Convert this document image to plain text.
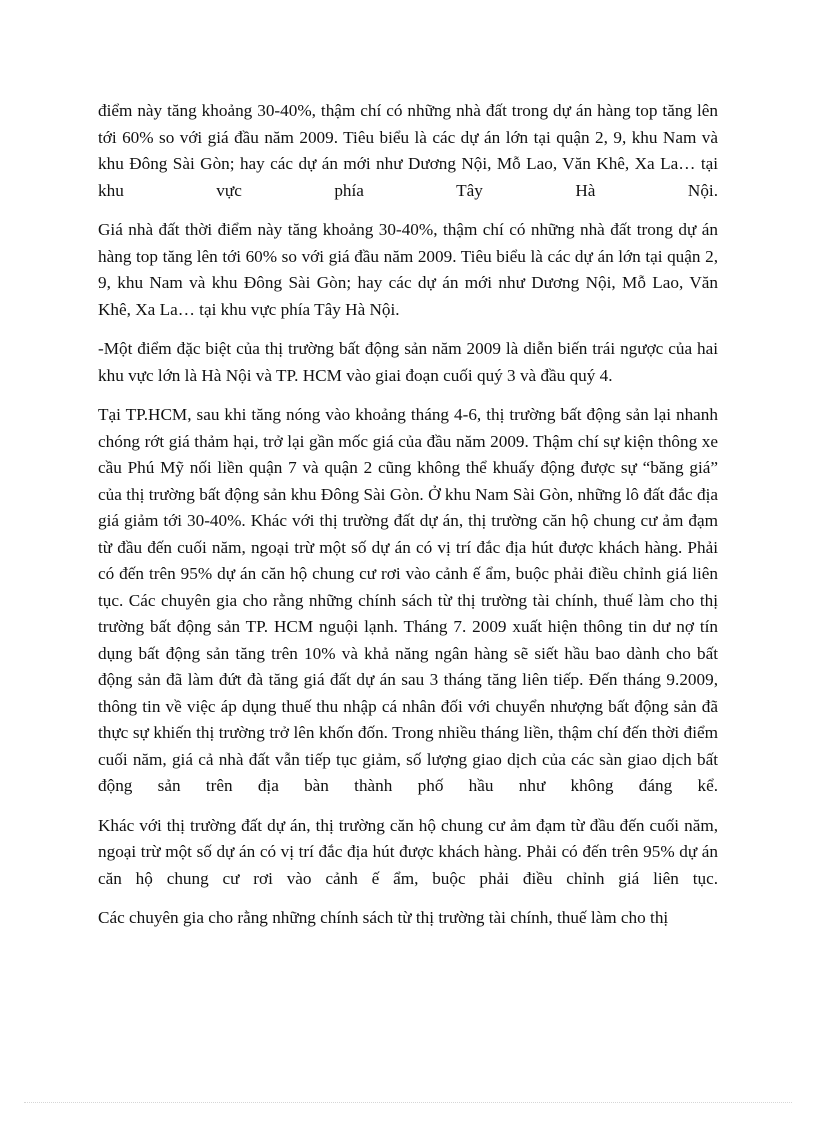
điểm này tăng khoảng 30-40%, thậm chí có những nhà đất trong dự án hàng top tăng lên tới 60% so với giá đầu năm 2009. Tiêu biểu là các dự án lớn tại quận 2, 9, khu Nam và khu Đông Sài Gòn; hay các dự án mới như Dương Nội, Mỗ Lao, Văn Khê, Xa La… tại khu vực phía Tây Hà Nội.

Giá nhà đất thời điểm này tăng khoảng 30-40%, thậm chí có những nhà đất trong dự án hàng top tăng lên tới 60% so với giá đầu năm 2009. Tiêu biểu là các dự án lớn tại quận 2, 9, khu Nam và khu Đông Sài Gòn; hay các dự án mới như Dương Nội, Mỗ Lao, Văn Khê, Xa La… tại khu vực phía Tây Hà Nội.

-Một điểm đặc biệt của thị trường bất động sản năm 2009 là diễn biến trái ngược của hai khu vực lớn là Hà Nội và TP. HCM vào giai đoạn cuối quý 3 và đầu quý 4.

Tại TP.HCM, sau khi tăng nóng vào khoảng tháng 4-6, thị trường bất động sản lại nhanh chóng rớt giá thảm hại, trở lại gần mốc giá của đầu năm 2009. Thậm chí sự kiện thông xe cầu Phú Mỹ nối liền quận 7 và quận 2 cũng không thể khuấy động được sự “băng giá” của thị trường bất động sản khu Đông Sài Gòn. Ở khu Nam Sài Gòn, những lô đất đắc địa giá giảm tới 30-40%. Khác với thị trường đất dự án, thị trường căn hộ chung cư ảm đạm từ đầu đến cuối năm, ngoại trừ một số dự án có vị trí đắc địa hút được khách hàng. Phải có đến trên 95% dự án căn hộ chung cư rơi vào cảnh ế ẩm, buộc phải điều chỉnh giá liên tục. Các chuyên gia cho rằng những chính sách từ thị trường tài chính, thuế làm cho thị trường bất động sản TP. HCM nguội lạnh. Tháng 7. 2009 xuất hiện thông tin dư nợ tín dụng bất động sản tăng trên 10% và khả năng ngân hàng sẽ siết hầu bao dành cho bất động sản đã làm đứt đà tăng giá đất dự án sau 3 tháng tăng liên tiếp. Đến tháng 9.2009, thông tin về việc áp dụng thuế thu nhập cá nhân đối với chuyển nhượng bất động sản đã thực sự khiến thị trường trở lên khốn đốn. Trong nhiều tháng liền, thậm chí đến thời điểm cuối năm, giá cả nhà đất vẫn tiếp tục giảm, số lượng giao dịch của các sàn giao dịch bất động sản trên địa bàn thành phố hầu như không đáng kể.

Khác với thị trường đất dự án, thị trường căn hộ chung cư ảm đạm từ đầu đến cuối năm, ngoại trừ một số dự án có vị trí đắc địa hút được khách hàng. Phải có đến trên 95% dự án căn hộ chung cư rơi vào cảnh ế ẩm, buộc phải điều chỉnh giá liên tục.

Các chuyên gia cho rằng những chính sách từ thị trường tài chính, thuế làm cho thị
